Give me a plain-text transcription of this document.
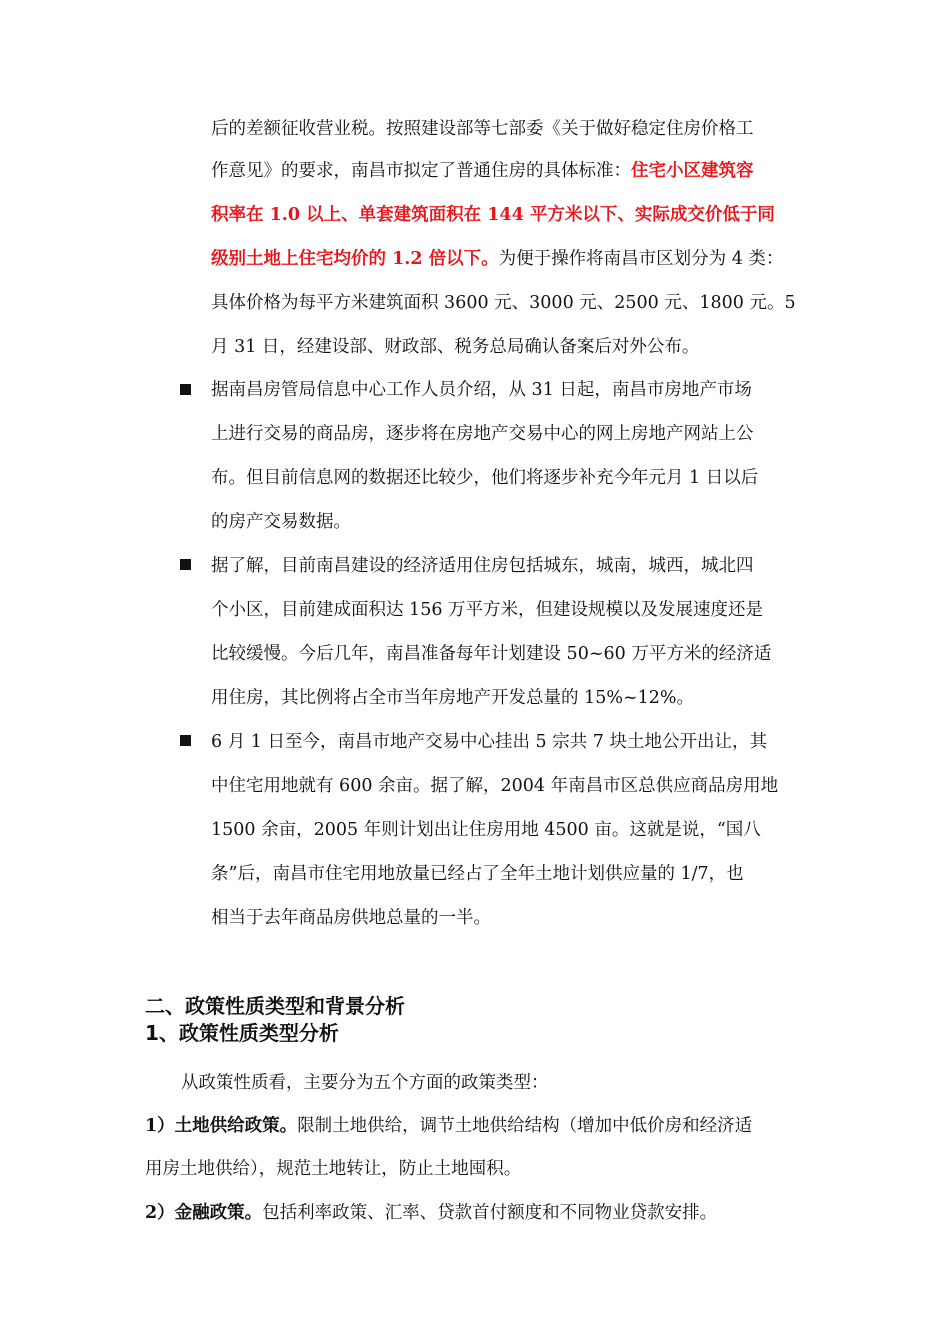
后的差额征收营业税。按照建设部等七部委《关于做好稳定住房价格工
作意见》的要求，南昌市拟定了普通住房的具体标准：住宅小区建筑容
积率在 1.0 以上、单套建筑面积在 144 平方米以下、实际成交价低于同
级别土地上住宅均价的 1.2 倍以下。为便于操作将南昌市区划分为 4 类：
具体价格为每平方米建筑面积 3600 元、3000 元、2500 元、1800 元。5
月 31 日，经建设部、财政部、税务总局确认备案后对外公布。
据南昌房管局信息中心工作人员介绍，从 31 日起，南昌市房地产市场
上进行交易的商品房，逐步将在房地产交易中心的网上房地产网站上公
布。但目前信息网的数据还比较少，他们将逐步补充今年元月 1 日以后
的房产交易数据。
据了解，目前南昌建设的经济适用住房包括城东，城南，城西，城北四
个小区，目前建成面积达 156 万平方米，但建设规模以及发展速度还是
比较缓慢。今后几年，南昌准备每年计划建设 50~60 万平方米的经济适
用住房，其比例将占全市当年房地产开发总量的 15%~12%。
6 月 1 日至今，南昌市地产交易中心挂出 5 宗共 7 块土地公开出让，其
中住宅用地就有 600 余亩。据了解，2004 年南昌市区总供应商品房用地
1500 余亩，2005 年则计划出让住房用地 4500 亩。这就是说，“国八
条”后，南昌市住宅用地放量已经占了全年土地计划供应量的 1/7，也
相当于去年商品房供地总量的一半。
二、政策性质类型和背景分析
1、政策性质类型分析
从政策性质看，主要分为五个方面的政策类型：
1）土地供给政策。限制土地供给，调节土地供给结构（增加中低价房和经济适
用房土地供给），规范土地转让，防止土地囤积。
2）金融政策。包括利率政策、汇率、贷款首付额度和不同物业贷款安排。
